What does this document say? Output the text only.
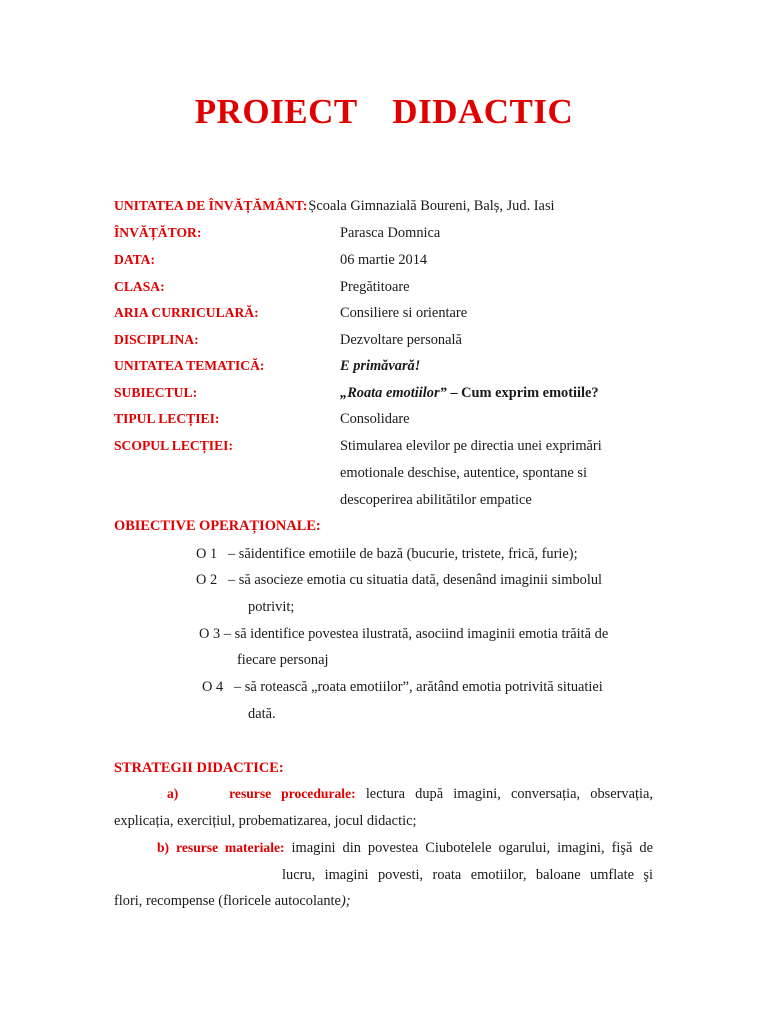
PROIECT DIDACTIC
UNITATEA DE ÎNVĂȚĂMÂNT:Școala Gimnazială Boureni, Balș, Jud. Iasi
ÎNVĂȚĂTOR:	Parasca Domnica
DATA:	06 martie 2014
CLASA:	Pregătitoare
ARIA CURRICULARĂ:	Consiliere si orientare
DISCIPLINA:	Dezvoltare personală
UNITATEA TEMATICĂ:	E primăvară!
SUBIECTUL:	„Roata emotiilor” – Cum exprim emotiile?
TIPUL LECȚIEI:	Consolidare
SCOPUL LECȚIEI:	Stimularea elevilor pe directia unei exprimări
emotionale deschise, autentice, spontane si
descoperirea abilitătilor empatice
OBIECTIVE OPERAȚIONALE:
O 1 – săidentifice emotiile de bază (bucurie, tristete, frică, furie);
O 2 – să asocieze emotia cu situatia dată, desenând imaginii simbolul
potrivit;
O 3 – să identifice povestea ilustrată, asociind imaginii emotia trăită de
fiecare personaj
O 4 – să rotească „roata emotiilor”, arătând emotia potrivită situatiei
dată.
STRATEGII DIDACTICE:
a)	resurse procedurale: lectura după imagini, conversația, observația,
explicația, exercițiul, probematizarea, jocul didactic;
b) resurse materiale: imagini din povestea Ciubotelele ogarului, imagini, fişă de
lucru, imagini povesti, roata emotiilor, baloane umflate şi
flori, recompense (floricele autocolante);
